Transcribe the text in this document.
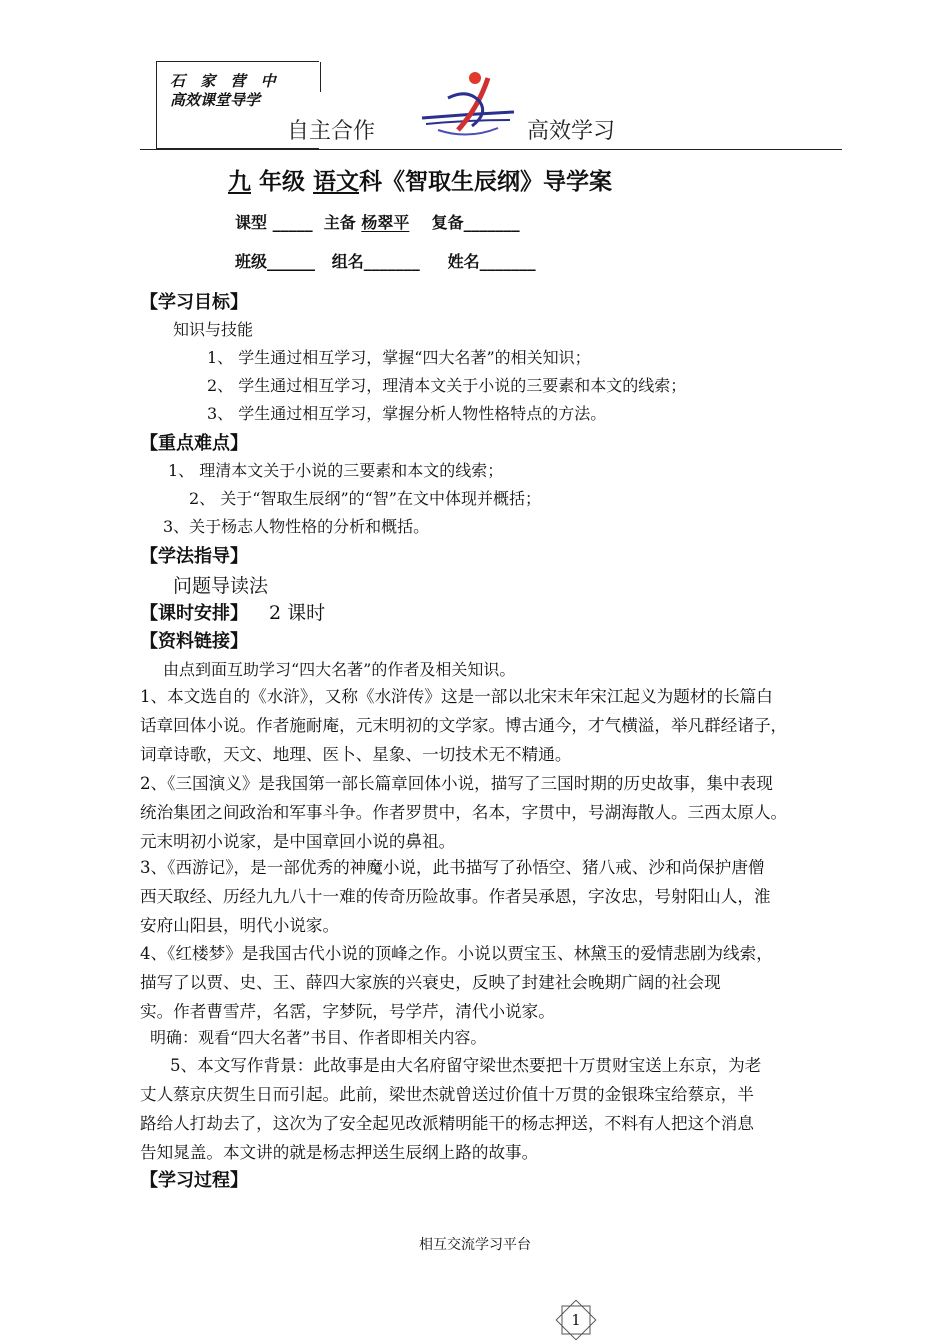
石 家 营 中
高效课堂导学
自主合作	高效学习
九 年级 语文科《智取生辰纲》导学案
课型 _____ 主备 杨翠平 复备_______
班级______ 组名_______ 姓名_______
【学习目标】
知识与技能
1、 学生通过相互学习，掌握“四大名著”的相关知识；
2、 学生通过相互学习，理清本文关于小说的三要素和本文的线索；
3、 学生通过相互学习，掌握分析人物性格特点的方法。
【重点难点】
1、 理清本文关于小说的三要素和本文的线索；
2、 关于“智取生辰纲”的“智”在文中体现并概括；
3、关于杨志人物性格的分析和概括。
【学法指导】
问题导读法
【课时安排】 2 课时
【资料链接】
由点到面互助学习“四大名著”的作者及相关知识。
1、本文选自的《水浒》，又称《水浒传》这是一部以北宋末年宋江起义为题材的长篇白
话章回体小说。作者施耐庵，元末明初的文学家。博古通今，才气横溢，举凡群经诸子，
词章诗歌，天文、地理、医卜、星象、一切技术无不精通。
2、《三国演义》是我国第一部长篇章回体小说，描写了三国时期的历史故事，集中表现
统治集团之间政治和军事斗争。作者罗贯中，名本，字贯中，号湖海散人。三西太原人。
元末明初小说家，是中国章回小说的鼻祖。
3、《西游记》，是一部优秀的神魔小说，此书描写了孙悟空、猪八戒、沙和尚保护唐僧
西天取经、历经九九八十一难的传奇历险故事。作者吴承恩，字汝忠，号射阳山人，淮
安府山阳县，明代小说家。
4、《红楼梦》是我国古代小说的顶峰之作。小说以贾宝玉、林黛玉的爱情悲剧为线索，
描写了以贾、史、王、薛四大家族的兴衰史，反映了封建社会晚期广阔的社会现
实。作者曹雪芹，名霑，字梦阮，号学芹，清代小说家。
明确：观看“四大名著”书目、作者即相关内容。
5、本文写作背景：此故事是由大名府留守梁世杰要把十万贯财宝送上东京，为老
丈人蔡京庆贺生日而引起。此前，梁世杰就曾送过价值十万贯的金银珠宝给蔡京，半
路给人打劫去了，这次为了安全起见改派精明能干的杨志押送，不料有人把这个消息
告知晁盖。本文讲的就是杨志押送生辰纲上路的故事。
【学习过程】
相互交流学习平台
1
